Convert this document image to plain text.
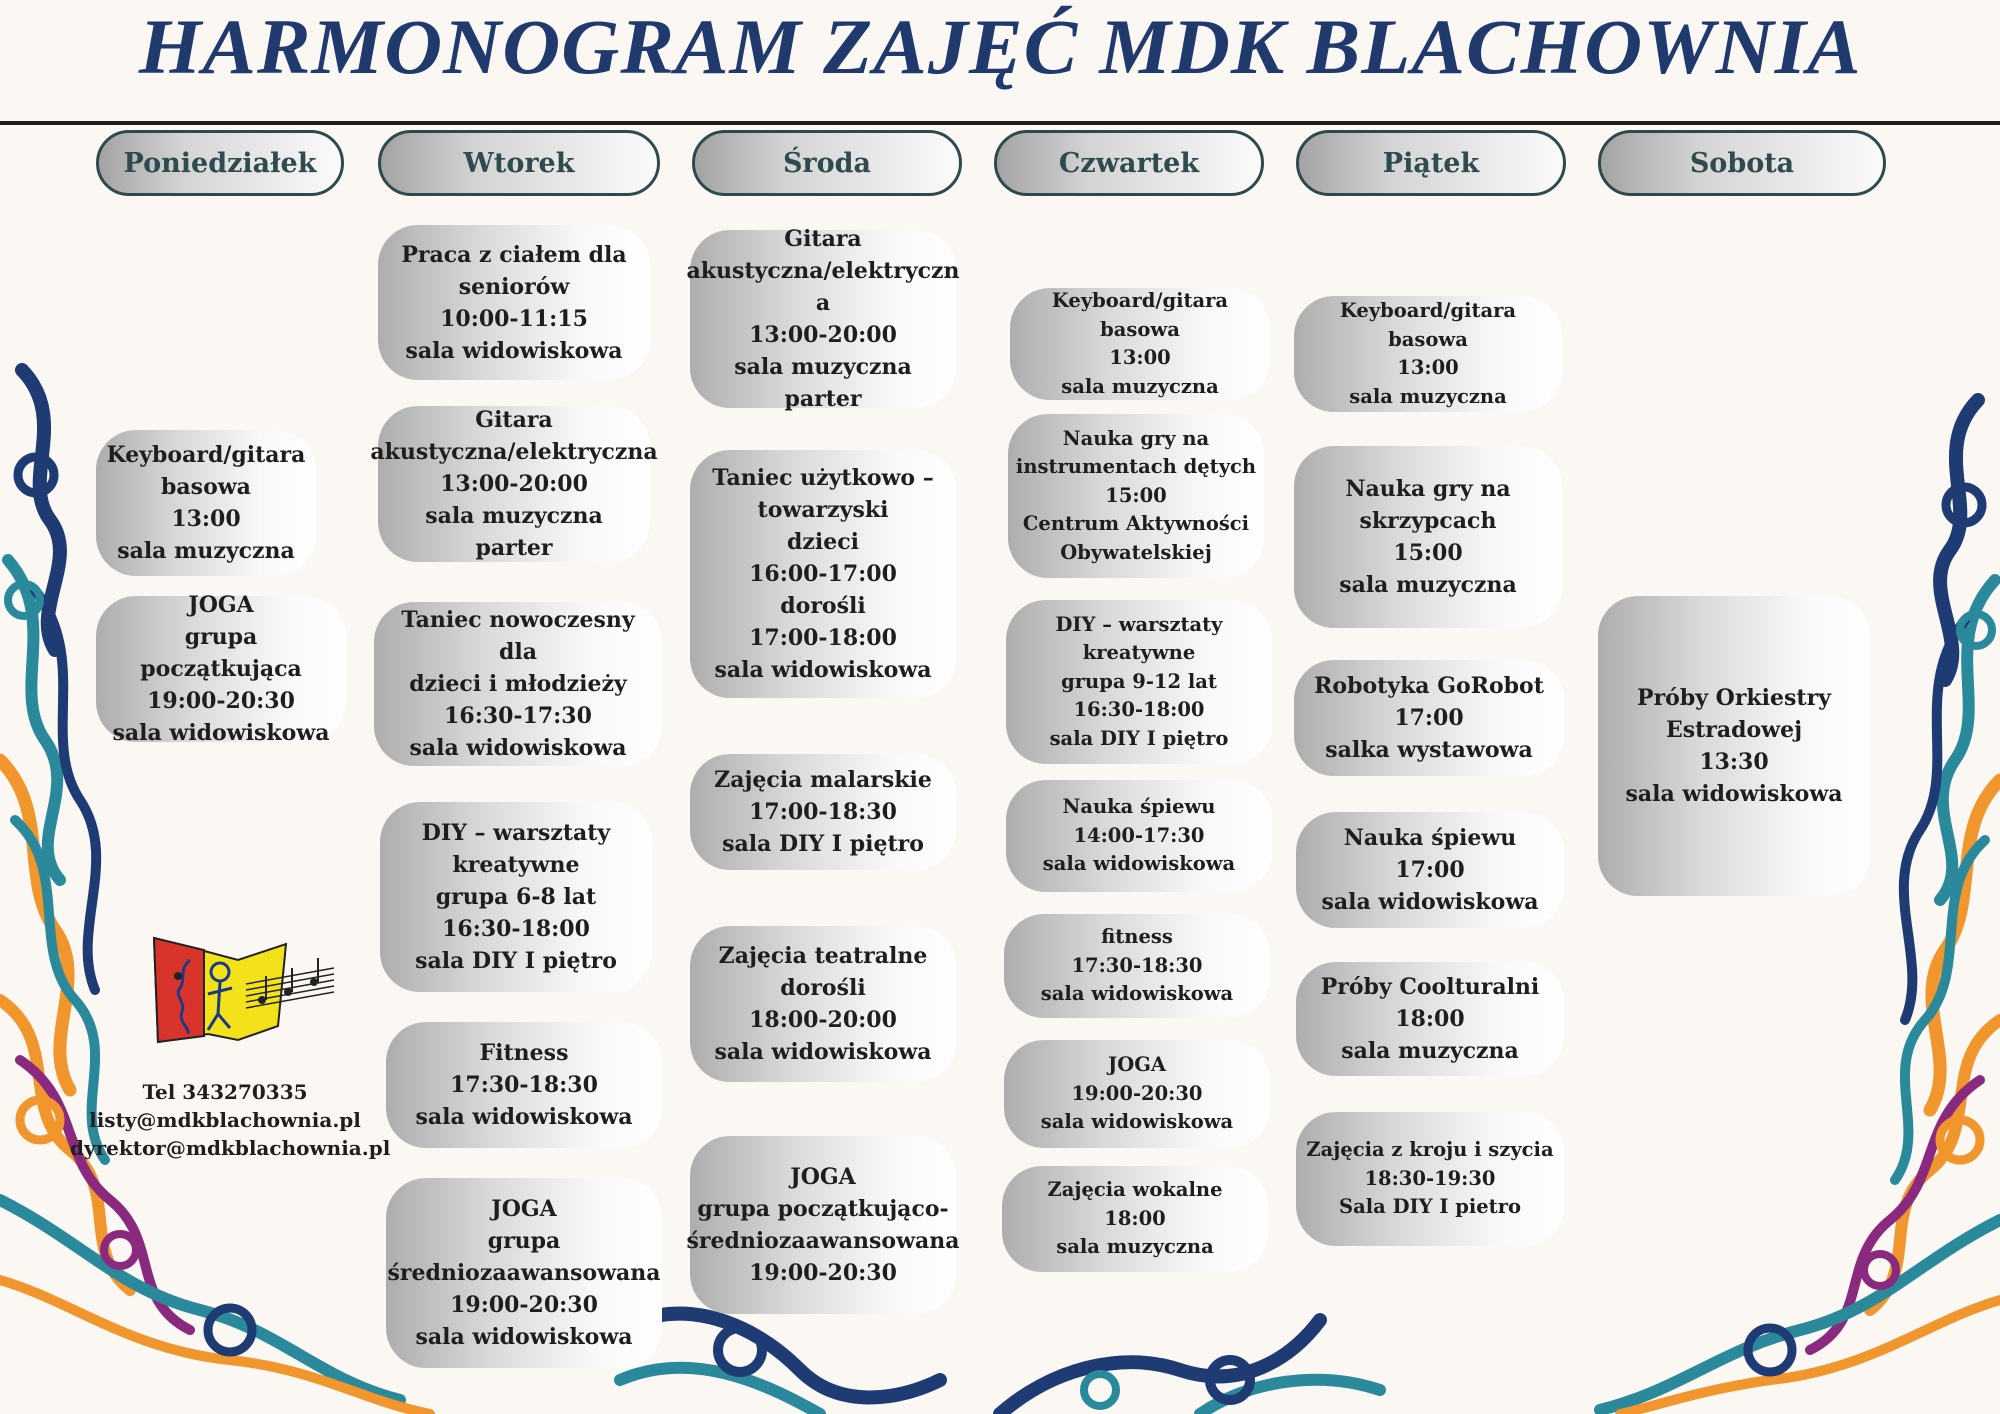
HARMONOGRAM ZAJĘĆ MDK BLACHOWNIA
Poniedziałek	Wtorek	Środa	Czwartek	Piątek	Sobota
Keyboard/gitara
basowa
13:00
sala muzyczna
JOGA
grupa początkująca
19:00-20:30
sala widowiskowa
Praca z ciałem dla
seniorów
10:00-11:15
sala widowiskowa
Gitara
akustyczna/elektryczna
13:00-20:00
sala muzyczna parter
Taniec nowoczesny dla
dzieci i młodzieży
16:30-17:30
sala widowiskowa
DIY – warsztaty
kreatywne
grupa 6-8 lat
16:30-18:00
sala DIY I piętro
Fitness
17:30-18:30
sala widowiskowa
JOGA
grupa
średniozaawansowana
19:00-20:30
sala widowiskowa
Gitara
akustyczna/elektryczn
a
13:00-20:00
sala muzyczna parter
Taniec użytkowo –
towarzyski
dzieci
16:00-17:00
dorośli
17:00-18:00
sala widowiskowa
Zajęcia malarskie
17:00-18:30
sala DIY I piętro
Zajęcia teatralne
dorośli
18:00-20:00
sala widowiskowa
JOGA
grupa początkująco-
średniozaawansowana
19:00-20:30
Keyboard/gitara basowa
13:00
sala muzyczna
Nauka gry na
instrumentach dętych
15:00
Centrum Aktywności
Obywatelskiej
DIY – warsztaty
kreatywne
grupa 9-12 lat
16:30-18:00
sala DIY I piętro
Nauka śpiewu
14:00-17:30
sala widowiskowa
fitness
17:30-18:30
sala widowiskowa
JOGA
19:00-20:30
sala widowiskowa
Zajęcia wokalne
18:00
sala muzyczna
Keyboard/gitara basowa
13:00
sala muzyczna
Nauka gry na
skrzypcach
15:00
sala muzyczna
Robotyka GoRobot
17:00
salka wystawowa
Nauka śpiewu
17:00
sala widowiskowa
Próby Coolturalni
18:00
sala muzyczna
Zajęcia z kroju i szycia
18:30-19:30
Sala DIY I pietro
Próby Orkiestry
Estradowej
13:30
sala widowiskowa
Tel 343270335
listy@mdkblachownia.pl
dyrektor@mdkblachownia.pl
